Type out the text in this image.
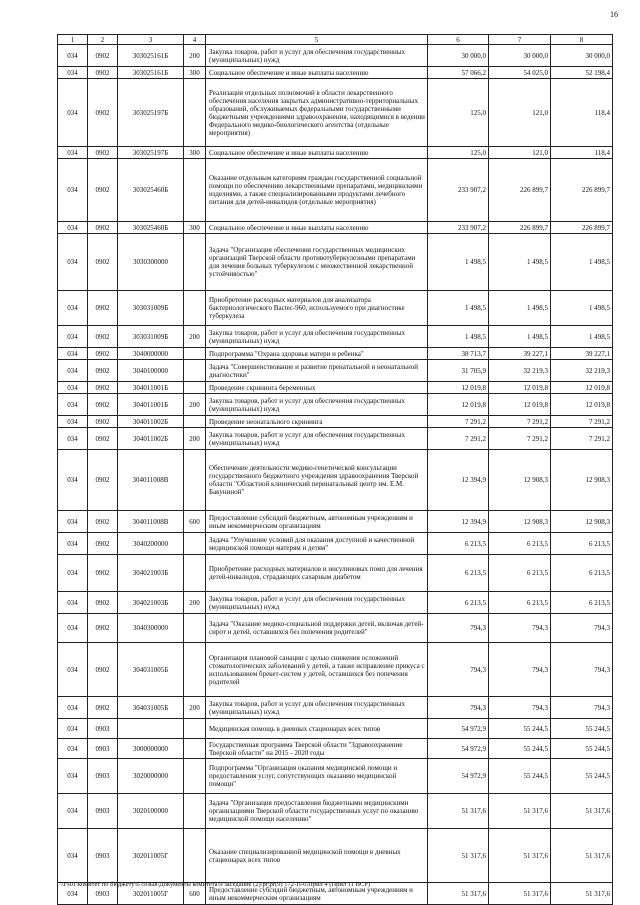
16
1	2	3	4	5	6	7	8
034	0902	303025161Б	200	Закупка товаров, работ и услуг для обеспечения государственных (муниципальных) нужд	30 000,0	30 000,0	30 000,0
034	0902	303025161Б	300	Социальное обеспечение и иные выплаты населению	57 066,2	54 025,0	52 198,4
034	0902	303025197Б		Реализация отдельных полномочий в области лекарственного обеспечения населения закрытых административно-территориальных образований, обслуживаемых федеральными государственными бюджетными учреждениями здравоохранения, находящимися в ведении Федерального медико-биологического агентства (отдельные мероприятия)	125,0	121,0	118,4
034	0902	303025197Б	300	Социальное обеспечение и иные выплаты населению	125,0	121,0	118,4
034	0902	303025460Б		Оказание отдельным категориям граждан государственной социальной помощи по обеспечению лекарственными препаратами, медицинскими изделиями, а также специализированными продуктами лечебного питания для детей-инвалидов (отдельные мероприятия)	233 907,2	226 899,7	226 899,7
034	0902	303025460Б	300	Социальное обеспечение и иные выплаты населению	233 907,2	226 899,7	226 899,7
034	0902	3030300000		Задача "Организация обеспечения государственных медицинских организаций Тверской области противотуберкулезными препаратами для лечения больных туберкулезом с множественной лекарственной устойчивостью"	1 498,5	1 498,5	1 498,5
034	0902	303031009Б		Приобретение расходных материалов для анализатора бактериологического Bactec-960, используемого при диагностике туберкулеза	1 498,5	1 498,5	1 498,5
034	0902	303031009Б	200	Закупка товаров, работ и услуг для обеспечения государственных (муниципальных) нужд	1 498,5	1 498,5	1 498,5
034	0902	3040000000		Подпрограмма "Охрана здоровья матери и ребенка"	38 713,7	39 227,1	39 227,1
034	0902	3040100000		Задача "Совершенствование и развитие пренатальной и неонатальной диагностики"	31 705,9	32 219,3	32 219,3
034	0902	304011001Б		Проведение скрининга беременных	12 019,8	12 019,8	12 019,8
034	0902	304011001Б	200	Закупка товаров, работ и услуг для обеспечения государственных (муниципальных) нужд	12 019,8	12 019,8	12 019,8
034	0902	304011002Б		Проведение неонатального скрининга	7 291,2	7 291,2	7 291,2
034	0902	304011002Б	200	Закупка товаров, работ и услуг для обеспечения государственных (муниципальных) нужд	7 291,2	7 291,2	7 291,2
034	0902	304011008В		Обеспечение деятельности медико-генетической консультации государственного бюджетного учреждения здравоохранения Тверской области "Областной клинический перинатальный центр им. Е.М. Бакуниной"	12 394,9	12 908,3	12 908,3
034	0902	304011008В	600	Предоставление субсидий бюджетным, автономным учреждениям и иным некоммерческим организациям	12 394,9	12 908,3	12 908,3
034	0902	3040200000		Задача "Улучшение условий для оказания доступной и качественной медицинской помощи матерям и детям"	6 213,5	6 213,5	6 213,5
034	0902	304021003Б		Приобретение расходных материалов и инсулиновых помп для лечения детей-инвалидов, страдающих сахарным диабетом	6 213,5	6 213,5	6 213,5
034	0902	304021003Б	200	Закупка товаров, работ и услуг для обеспечения государственных (муниципальных) нужд	6 213,5	6 213,5	6 213,5
034	0902	3040300000		Задача "Оказание медико-социальной поддержки детей, включая детей-сирот и детей, оставшихся без попечения родителей"	794,3	794,3	794,3
034	0902	304031005Б		Организация плановой санации с целью снижения осложнений стоматологических заболеваний у детей, а также исправление прикуса с использованием брекет-систем у детей, оставшихся без попечения родителей	794,3	794,3	794,3
034	0902	304031005Б	200	Закупка товаров, работ и услуг для обеспечения государственных (муниципальных) нужд	794,3	794,3	794,3
034	0903			Медицинская помощь в дневных стационарах всех типов	54 972,9	55 244,5	55 244,5
034	0903	3000000000		Государственная программа Тверской области "Здравоохранение Тверской области" на 2015 - 2020 годы	54 972,9	55 244,5	55 244,5
034	0903	3020000000		Подпрограмма "Организация оказания медицинской помощи и предоставления услуг, сопутствующих оказанию медицинской помощи"	54 972,9	55 244,5	55 244,5
034	0903	3020100000		Задача "Организация предоставления бюджетными медицинскими организациями Тверской области государственных услуг по оказанию медицинской помощи населению"	51 317,6	51 317,6	51 317,6
034	0903	302011005Г		Оказание специализированной медицинской помощи в дневных стационарах всех типов	51 317,6	51 317,6	51 317,6
034	0903	302011005Г	600	Предоставление субсидий бюджетным, автономным учреждениям и иным некоммерческим организациям	51 317,6	51 317,6	51 317,6
\\Fs01\комитет по бюджету\6 созыв\Документы комитета\9 заседание (2)\pr\pr(9) 172-П-6\Прил 4 (Прил 11 ВСР)
